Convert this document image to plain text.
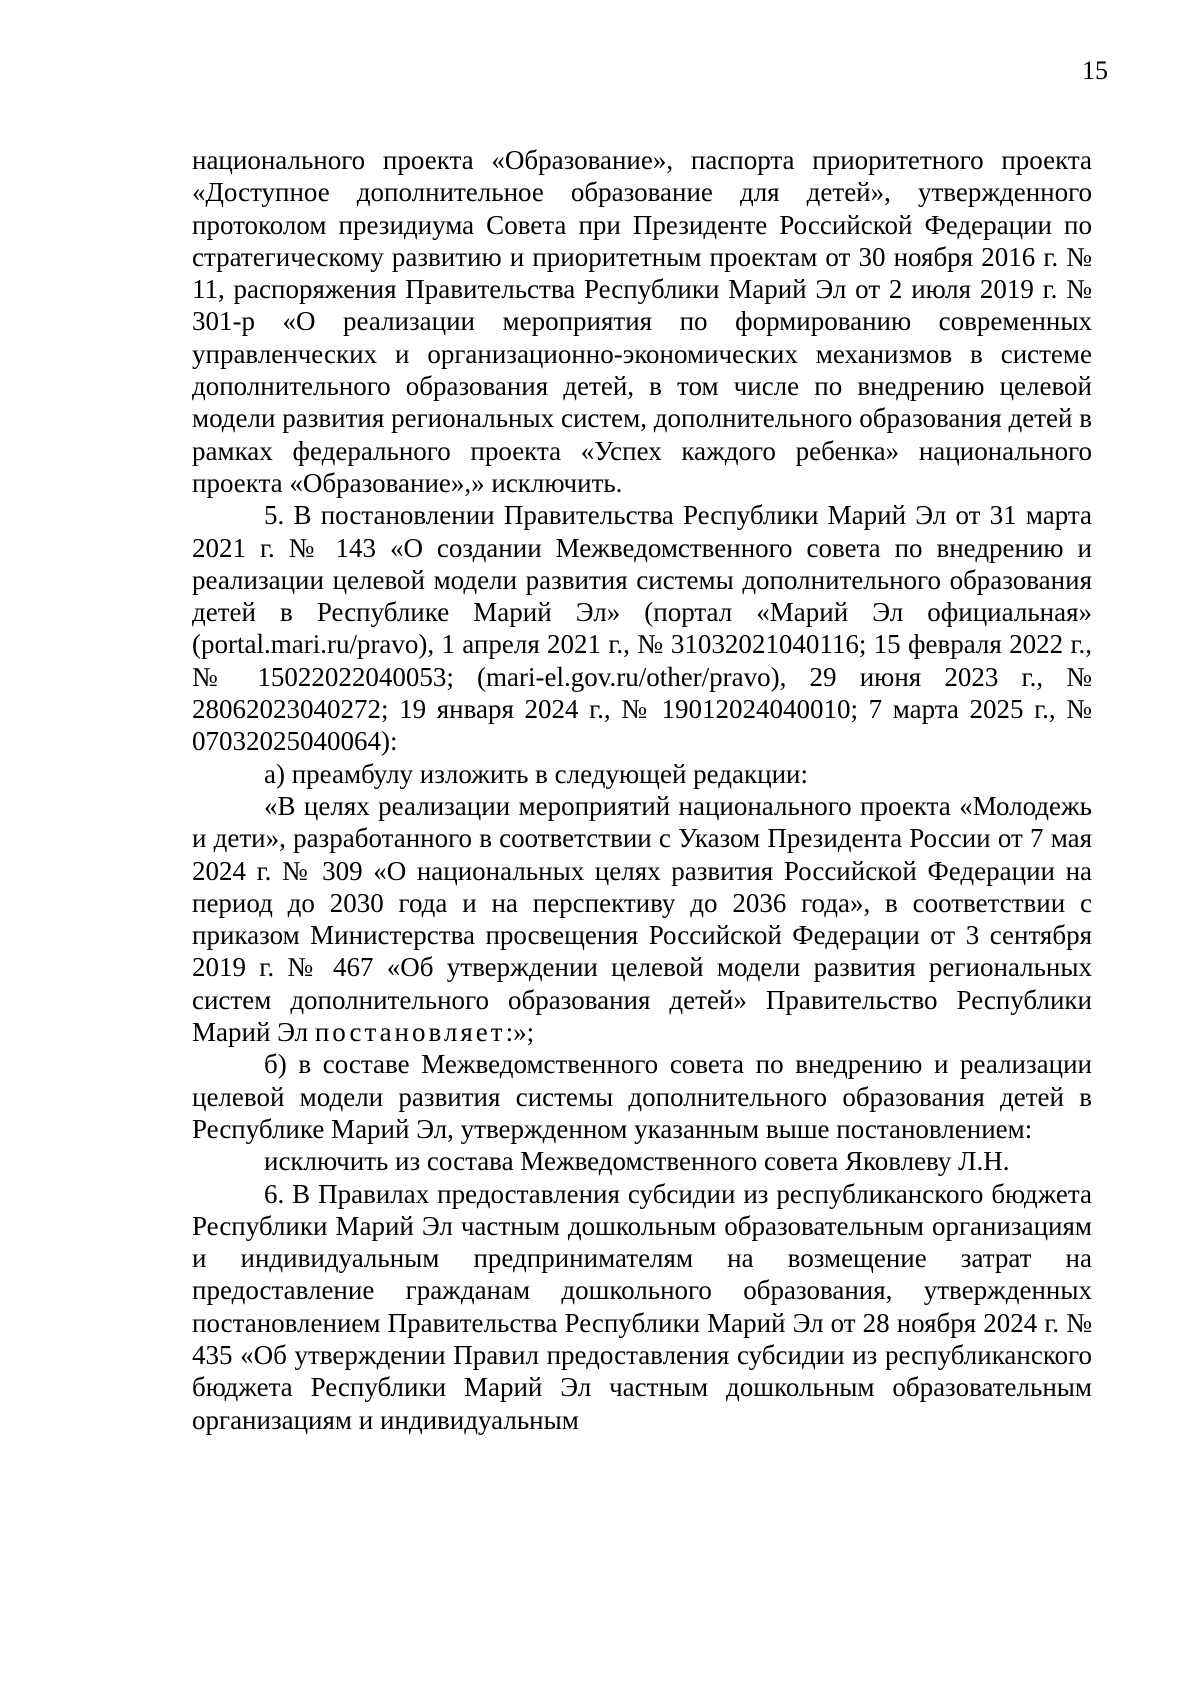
15

национального проекта «Образование», паспорта приоритетного проекта «Доступное дополнительное образование для детей», утвержденного протоколом президиума Совета при Президенте Российской Федерации по стратегическому развитию и приоритетным проектам от 30 ноября 2016 г. № 11, распоряжения Правительства Республики Марий Эл от 2 июля 2019 г. № 301-р «О реализации мероприятия по формированию современных управленческих и организационно-экономических механизмов в системе дополнительного образования детей, в том числе по внедрению целевой модели развития региональных систем, дополнительного образования детей в рамках федерального проекта «Успех каждого ребенка» национального проекта «Образование»,» исключить.

5. В постановлении Правительства Республики Марий Эл от 31 марта 2021 г. № 143 «О создании Межведомственного совета по внедрению и реализации целевой модели развития системы дополнительного образования детей в Республике Марий Эл» (портал «Марий Эл официальная» (portal.mari.ru/pravo), 1 апреля 2021 г., № 31032021040116; 15 февраля 2022 г., № 15022022040053; (mari-el.gov.ru/other/pravo), 29 июня 2023 г., № 28062023040272; 19 января 2024 г., № 19012024040010; 7 марта 2025 г., № 07032025040064):

а) преамбулу изложить в следующей редакции:

«В целях реализации мероприятий национального проекта «Молодежь и дети», разработанного в соответствии с Указом Президента России от 7 мая 2024 г. № 309 «О национальных целях развития Российской Федерации на период до 2030 года и на перспективу до 2036 года», в соответствии с приказом Министерства просвещения Российской Федерации от 3 сентября 2019 г. № 467 «Об утверждении целевой модели развития региональных систем дополнительного образования детей» Правительство Республики Марий Эл постановляет:»;

б) в составе Межведомственного совета по внедрению и реализации целевой модели развития системы дополнительного образования детей в Республике Марий Эл, утвержденном указанным выше постановлением:

исключить из состава Межведомственного совета Яковлеву Л.Н.

6. В Правилах предоставления субсидии из республиканского бюджета Республики Марий Эл частным дошкольным образовательным организациям и индивидуальным предпринимателям на возмещение затрат на предоставление гражданам дошкольного образования, утвержденных постановлением Правительства Республики Марий Эл от 28 ноября 2024 г. № 435 «Об утверждении Правил предоставления субсидии из республиканского бюджета Республики Марий Эл частным дошкольным образовательным организациям и индивидуальным
